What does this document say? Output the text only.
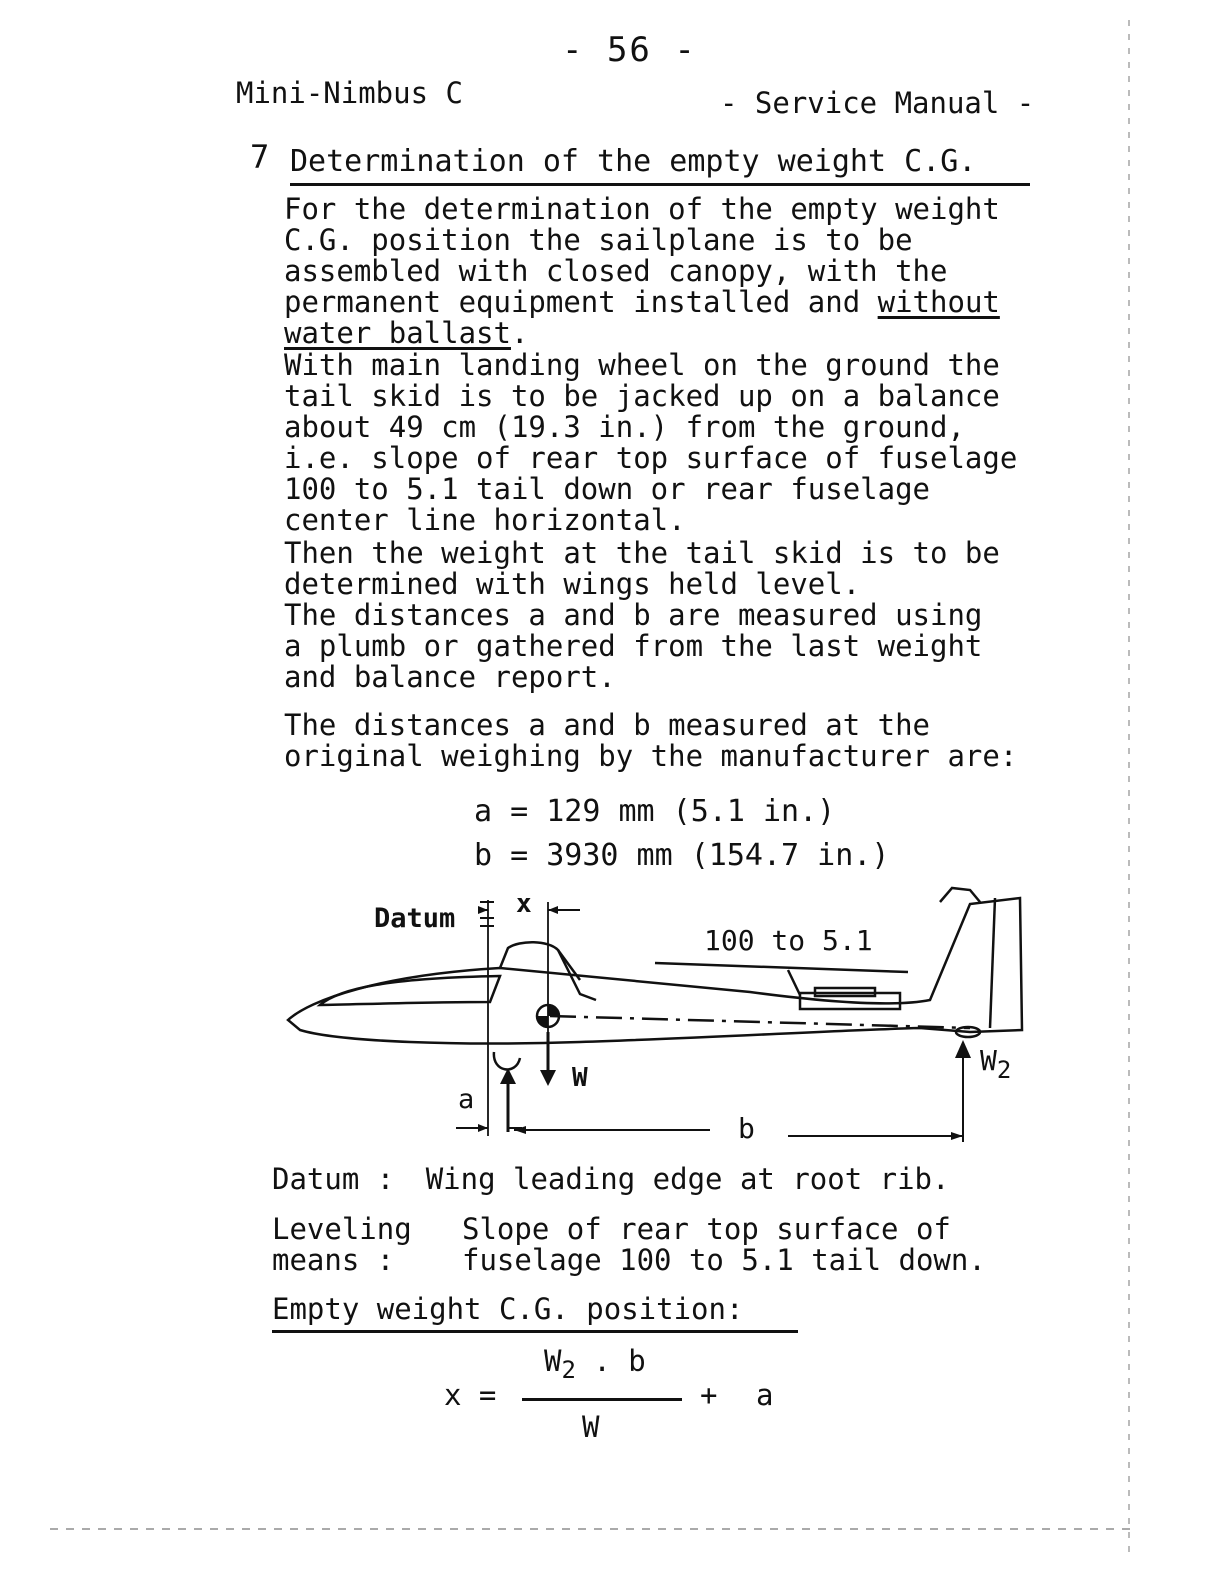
- 56 -
Mini-Nimbus C	- Service Manual -
7 Determination of the empty weight C.G.
For the determination of the empty weight
C.G. position the sailplane is to be
assembled with closed canopy, with the
permanent equipment installed and without
water ballast.
With main landing wheel on the ground the
tail skid is to be jacked up on a balance
about 49 cm (19.3 in.) from the ground,
i.e. slope of rear top surface of fuselage
100 to 5.1 tail down or rear fuselage
center line horizontal.
Then the weight at the tail skid is to be
determined with wings held level.
The distances a and b are measured using
a plumb or gathered from the last weight
and balance report.
The distances a and b measured at the
original weighing by the manufacturer are:
a = 129 mm (5.1 in.)
b = 3930 mm (154.7 in.)
Datum x
100 to 5.1
W
W2
a
b
Datum : Wing leading edge at root rib.
Leveling
means :
Slope of rear top surface of
fuselage 100 to 5.1 tail down.
Empty weight C.G. position:
x =
$W_2$ . b
W
+ a
